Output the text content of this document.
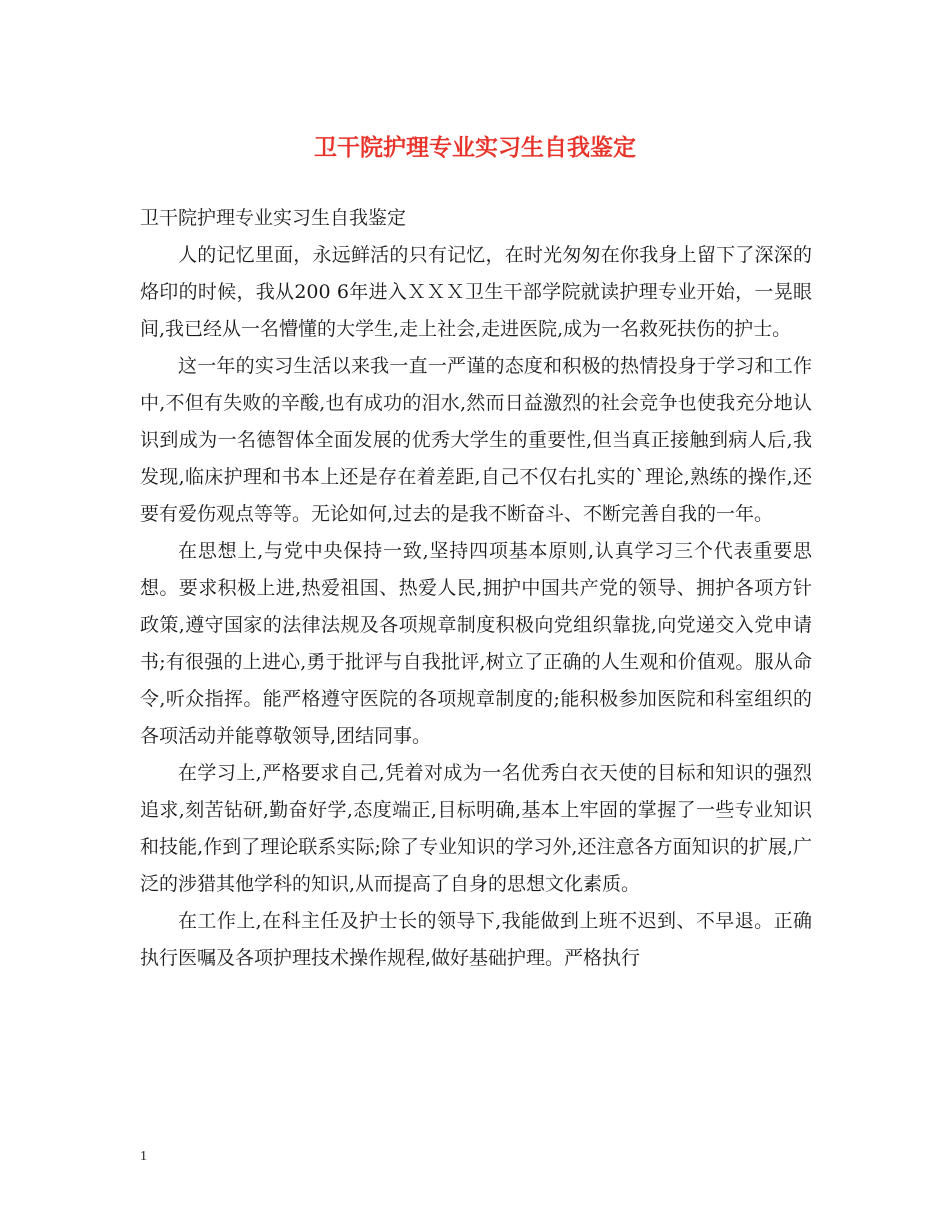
卫干院护理专业实习生自我鉴定

卫干院护理专业实习生自我鉴定

人的记忆里面，永远鲜活的只有记忆，在时光匆匆在你我身上留下了深深的烙印的时候，我从200 6年进入ＸＸＸ卫生干部学院就读护理专业开始，一晃眼间,我已经从一名懵懂的大学生,走上社会,走进医院,成为一名救死扶伤的护士。

这一年的实习生活以来我一直一严谨的态度和积极的热情投身于学习和工作中,不但有失败的辛酸,也有成功的泪水,然而日益激烈的社会竞争也使我充分地认识到成为一名德智体全面发展的优秀大学生的重要性,但当真正接触到病人后,我发现,临床护理和书本上还是存在着差距,自己不仅右扎实的`理论,熟练的操作,还要有爱伤观点等等。无论如何,过去的是我不断奋斗、不断完善自我的一年。

在思想上,与党中央保持一致,坚持四项基本原则,认真学习三个代表重要思想。要求积极上进,热爱祖国、热爱人民,拥护中国共产党的领导、拥护各项方针政策,遵守国家的法律法规及各项规章制度积极向党组织靠拢,向党递交入党申请书;有很强的上进心,勇于批评与自我批评,树立了正确的人生观和价值观。服从命令,听众指挥。能严格遵守医院的各项规章制度的;能积极参加医院和科室组织的各项活动并能尊敬领导,团结同事。

在学习上,严格要求自己,凭着对成为一名优秀白衣天使的目标和知识的强烈追求,刻苦钻研,勤奋好学,态度端正,目标明确,基本上牢固的掌握了一些专业知识和技能,作到了理论联系实际;除了专业知识的学习外,还注意各方面知识的扩展,广泛的涉猎其他学科的知识,从而提高了自身的思想文化素质。

在工作上,在科主任及护士长的领导下,我能做到上班不迟到、不早退。正确执行医嘱及各项护理技术操作规程,做好基础护理。严格执行

1
